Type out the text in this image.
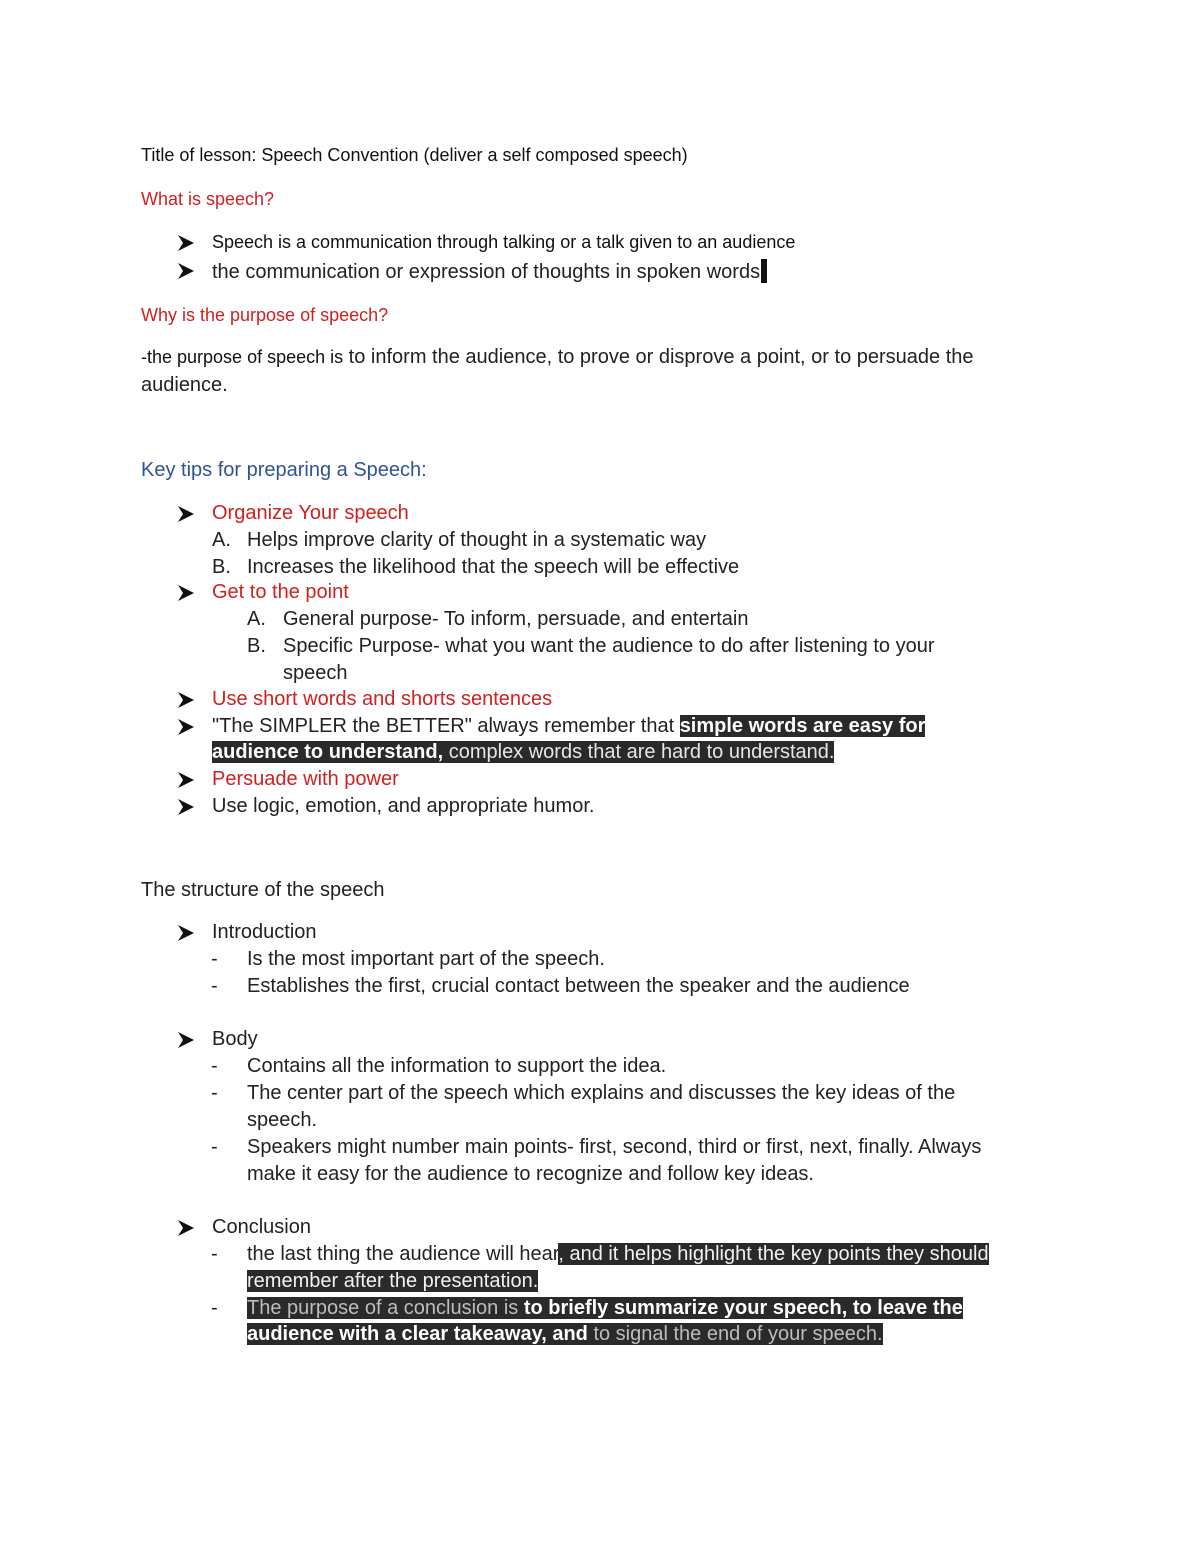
Title of lesson: Speech Convention (deliver a self composed speech)
What is speech?
Speech is a communication through talking or a talk given to an audience
the communication or expression of thoughts in spoken words
Why is the purpose of speech?
-the purpose of speech is to inform the audience, to prove or disprove a point, or to persuade the
audience.
Key tips for preparing a Speech:
Organize Your speech
A. Helps improve clarity of thought in a systematic way
B. Increases the likelihood that the speech will be effective
Get to the point
A. General purpose- To inform, persuade, and entertain
B. Specific Purpose- what you want the audience to do after listening to your
speech
Use short words and shorts sentences
"The SIMPLER the BETTER" always remember that simple words are easy for
audience to understand, complex words that are hard to understand.
Persuade with power
Use logic, emotion, and appropriate humor.
The structure of the speech
Introduction
- Is the most important part of the speech.
- Establishes the first, crucial contact between the speaker and the audience
Body
- Contains all the information to support the idea.
- The center part of the speech which explains and discusses the key ideas of the
speech.
- Speakers might number main points- first, second, third or first, next, finally. Always
make it easy for the audience to recognize and follow key ideas.
Conclusion
- the last thing the audience will hear, and it helps highlight the key points they should
remember after the presentation.
- The purpose of a conclusion is to briefly summarize your speech, to leave the
audience with a clear takeaway, and to signal the end of your speech.
